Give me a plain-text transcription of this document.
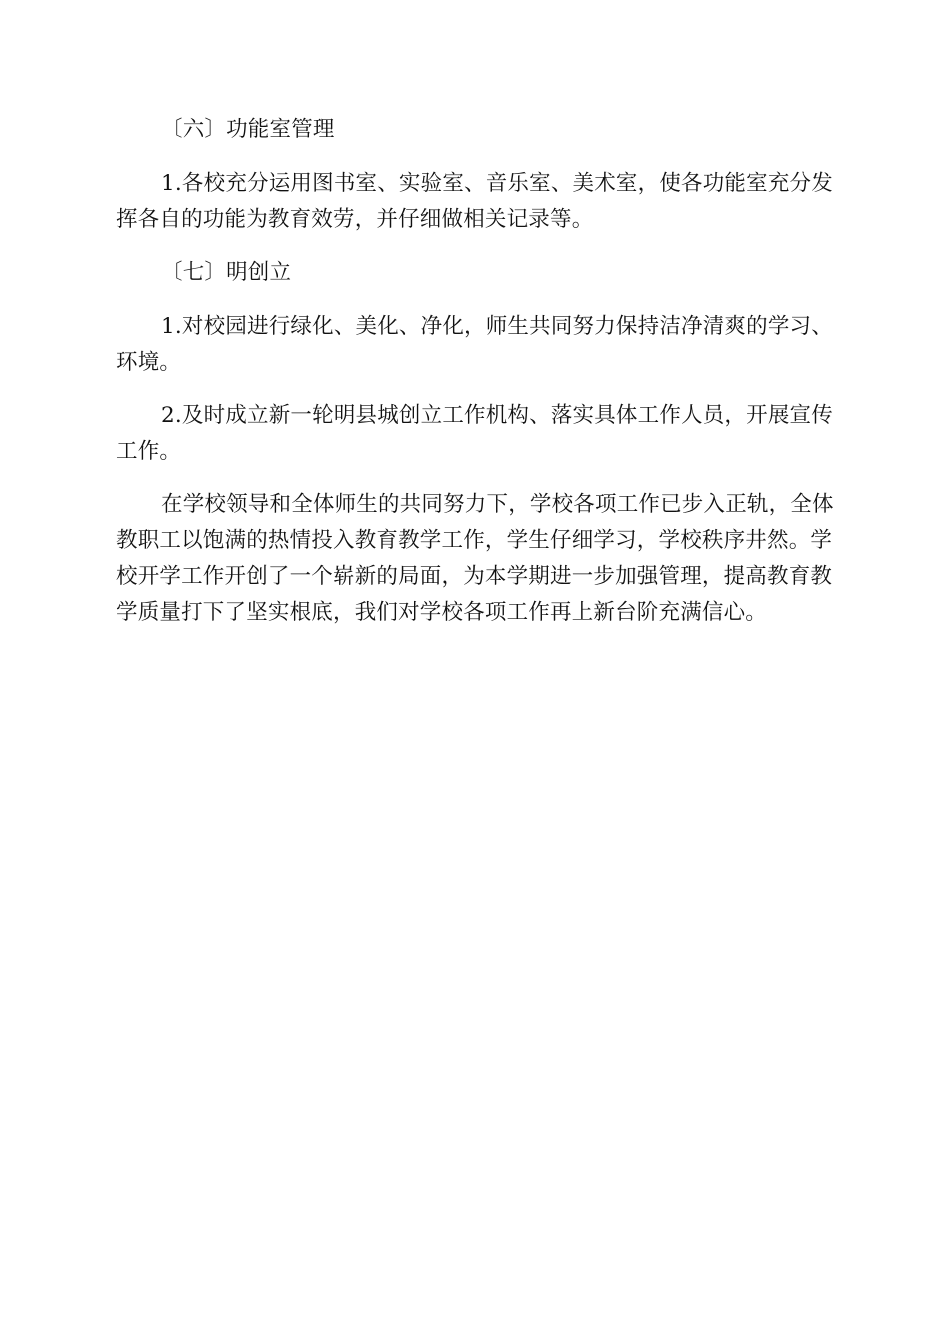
〔六〕功能室管理

1.各校充分运用图书室、实验室、音乐室、美术室，使各功能室充分发挥各自的功能为教育效劳，并仔细做相关记录等。

〔七〕明创立

1.对校园进行绿化、美化、净化，师生共同努力保持洁净清爽的学习、环境。

2.及时成立新一轮明县城创立工作机构、落实具体工作人员，开展宣传工作。

在学校领导和全体师生的共同努力下，学校各项工作已步入正轨，全体教职工以饱满的热情投入教育教学工作，学生仔细学习，学校秩序井然。学校开学工作开创了一个崭新的局面，为本学期进一步加强管理，提高教育教学质量打下了坚实根底，我们对学校各项工作再上新台阶充满信心。
